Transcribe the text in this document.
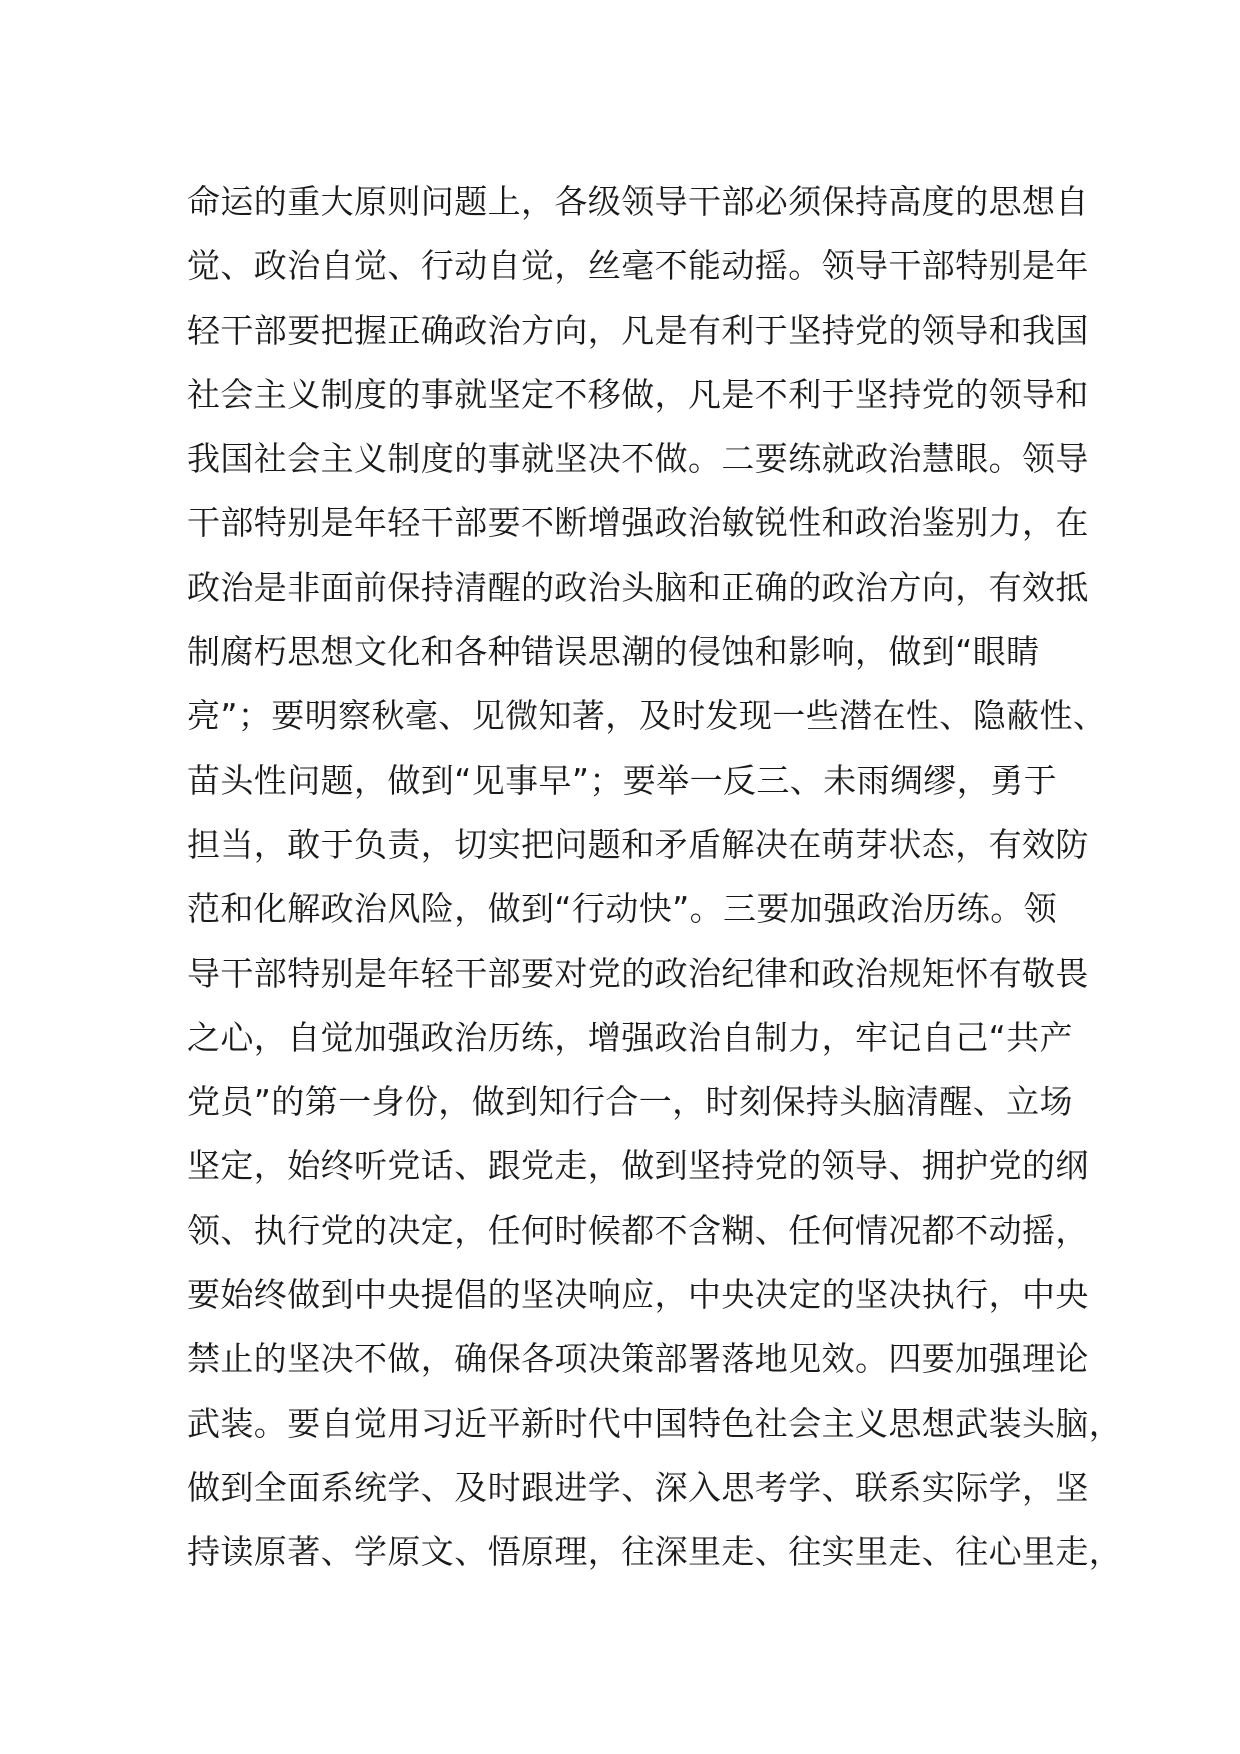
命运的重大原则问题上，各级领导干部必须保持高度的思想自
觉、政治自觉、行动自觉，丝毫不能动摇。领导干部特别是年
轻干部要把握正确政治方向，凡是有利于坚持党的领导和我国
社会主义制度的事就坚定不移做，凡是不利于坚持党的领导和
我国社会主义制度的事就坚决不做。二要练就政治慧眼。领导
干部特别是年轻干部要不断增强政治敏锐性和政治鉴别力，在
政治是非面前保持清醒的政治头脑和正确的政治方向，有效抵
制腐朽思想文化和各种错误思潮的侵蚀和影响，做到“眼睛
亮”；要明察秋毫、见微知著，及时发现一些潜在性、隐蔽性、
苗头性问题，做到“见事早”；要举一反三、未雨绸缪，勇于
担当，敢于负责，切实把问题和矛盾解决在萌芽状态，有效防
范和化解政治风险，做到“行动快”。三要加强政治历练。领
导干部特别是年轻干部要对党的政治纪律和政治规矩怀有敬畏
之心，自觉加强政治历练，增强政治自制力，牢记自己“共产
党员”的第一身份，做到知行合一，时刻保持头脑清醒、立场
坚定，始终听党话、跟党走，做到坚持党的领导、拥护党的纲
领、执行党的决定，任何时候都不含糊、任何情况都不动摇，
要始终做到中央提倡的坚决响应，中央决定的坚决执行，中央
禁止的坚决不做，确保各项决策部署落地见效。四要加强理论
武装。要自觉用习近平新时代中国特色社会主义思想武装头脑，
做到全面系统学、及时跟进学、深入思考学、联系实际学，坚
持读原著、学原文、悟原理，往深里走、往实里走、往心里走，
